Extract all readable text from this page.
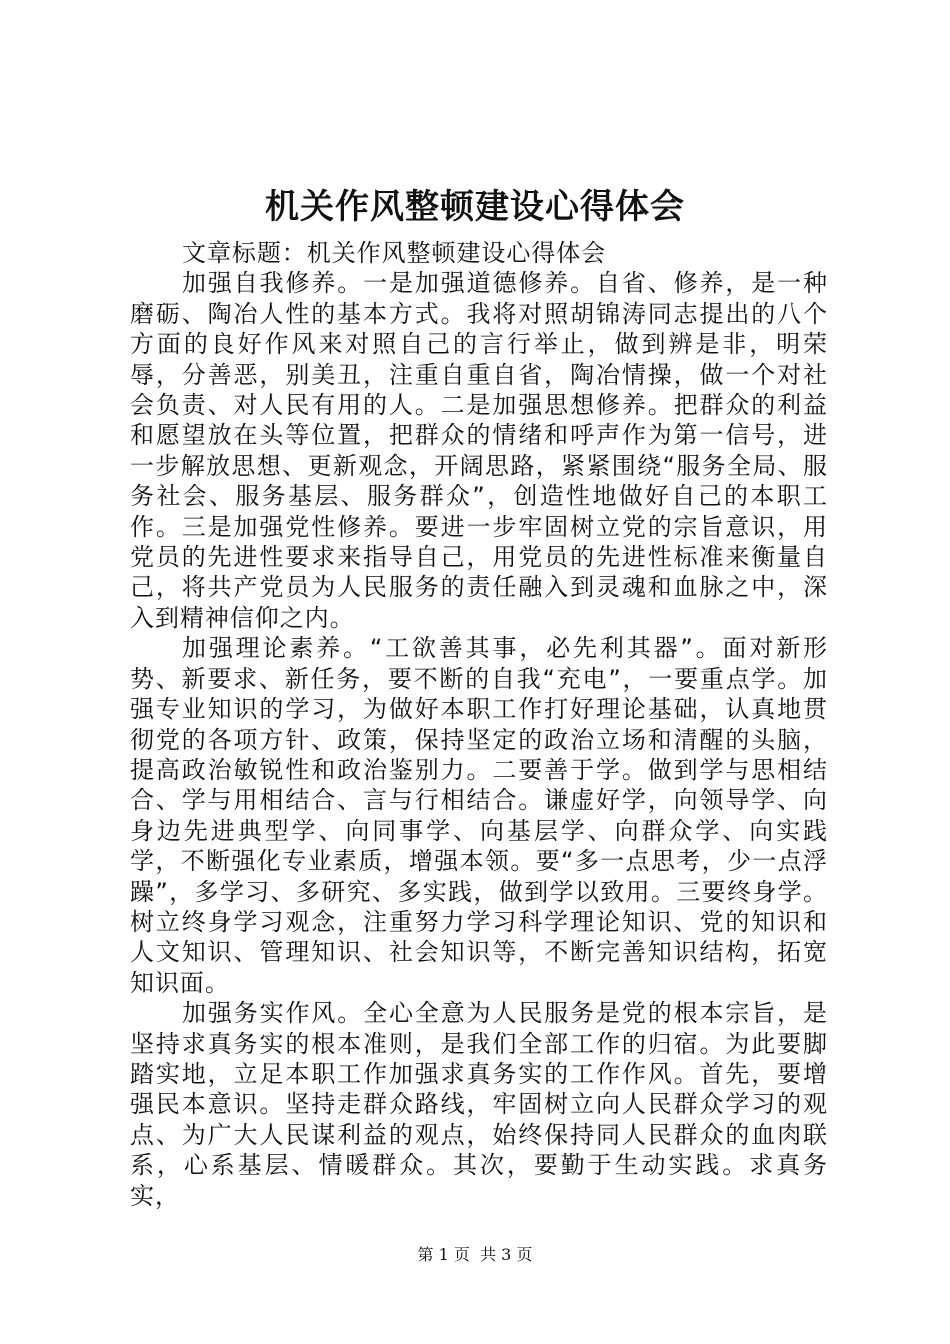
机关作风整顿建设心得体会

文章标题：机关作风整顿建设心得体会

加强自我修养。一是加强道德修养。自省、修养，是一种磨砺、陶冶人性的基本方式。我将对照胡锦涛同志提出的八个方面的良好作风来对照自己的言行举止，做到辨是非，明荣辱，分善恶，别美丑，注重自重自省，陶冶情操，做一个对社会负责、对人民有用的人。二是加强思想修养。把群众的利益和愿望放在头等位置，把群众的情绪和呼声作为第一信号，进一步解放思想、更新观念，开阔思路，紧紧围绕“服务全局、服务社会、服务基层、服务群众”，创造性地做好自己的本职工作。三是加强党性修养。要进一步牢固树立党的宗旨意识，用党员的先进性要求来指导自己，用党员的先进性标准来衡量自己，将共产党员为人民服务的责任融入到灵魂和血脉之中，深入到精神信仰之内。

加强理论素养。“工欲善其事，必先利其器”。面对新形势、新要求、新任务，要不断的自我“充电”，一要重点学。加强专业知识的学习，为做好本职工作打好理论基础，认真地贯彻党的各项方针、政策，保持坚定的政治立场和清醒的头脑，提高政治敏锐性和政治鉴别力。二要善于学。做到学与思相结合、学与用相结合、言与行相结合。谦虚好学，向领导学、向身边先进典型学、向同事学、向基层学、向群众学、向实践学，不断强化专业素质，增强本领。要“多一点思考，少一点浮躁”，多学习、多研究、多实践，做到学以致用。三要终身学。树立终身学习观念，注重努力学习科学理论知识、党的知识和人文知识、管理知识、社会知识等，不断完善知识结构，拓宽知识面。

加强务实作风。全心全意为人民服务是党的根本宗旨，是坚持求真务实的根本准则，是我们全部工作的归宿。为此要脚踏实地，立足本职工作加强求真务实的工作作风。首先，要增强民本意识。坚持走群众路线，牢固树立向人民群众学习的观点、为广大人民谋利益的观点，始终保持同人民群众的血肉联系，心系基层、情暖群众。其次，要勤于生动实践。求真务实，

第 1 页  共 3 页
